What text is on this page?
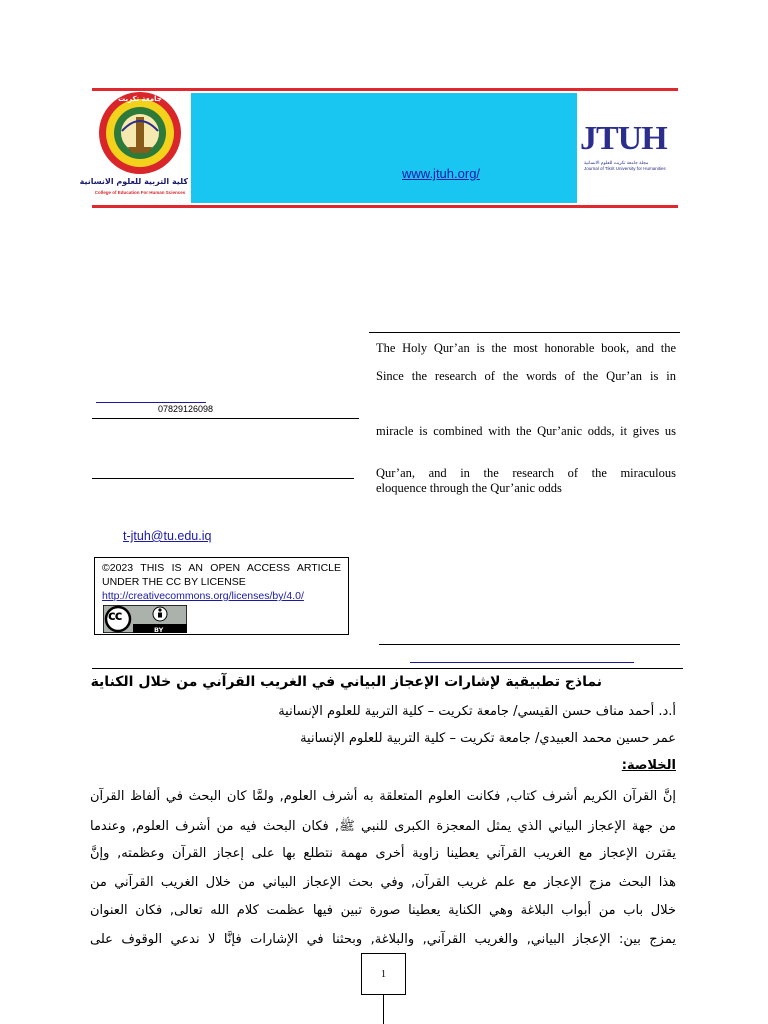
www.jtuh.org/
جامعة تكريت
كلية التربية للعلوم الانسانية
College of Education For Human Sciences
JTUH
مجلة جامعة تكريت للعلوم الانسانية
Journal of Tikrit University for Humanities
The Holy Qur’an is the most honorable book, and the
Since the research of the words of the Qur’an is in
miracle is combined with the Qur’anic odds, it gives us
Qur’an, and in the research of the miraculous
eloquence through the Qur’anic odds
07829126098
t-jtuh@tu.edu.iq
©2023 THIS IS AN OPEN ACCESS ARTICLE
UNDER THE CC BY LICENSE
http://creativecommons.org/licenses/by/4.0/
cc
BY
نماذج تطبيقية لإشارات الإعجاز البياني في الغريب القرآني من خلال الكناية
أ.د. أحمد مناف حسن القيسي/ جامعة تكريت – كلية التربية للعلوم الإنسانية
عمر حسين محمد العبيدي/ جامعة تكريت – كلية التربية للعلوم الإنسانية
الخلاصة:
إنَّ القرآن الكريم أشرف كتاب, فكانت العلوم المتعلقة به أشرف العلوم, ولمَّا كان البحث في ألفاظ القرآن
من جهة الإعجاز البياني الذي يمثل المعجزة الكبرى للنبي ﷺ, فكان البحث فيه من أشرف العلوم, وعندما
يقترن الإعجاز مع الغريب القرآني يعطينا زاوية أخرى مهمة نتطلع بها على إعجاز القرآن وعظمته, وإنَّ
هذا البحث مزج الإعجاز مع علم غريب القرآن, وفي بحث الإعجاز البياني من خلال الغريب القرآني من
خلال باب من أبواب البلاغة وهي الكناية يعطينا صورة تبين فيها عظمت كلام الله تعالى, فكان العنوان
يمزج بين: الإعجاز البياني, والغريب القرآني, والبلاغة, وبحثنا في الإشارات فإنَّا لا ندعي الوقوف على
1
